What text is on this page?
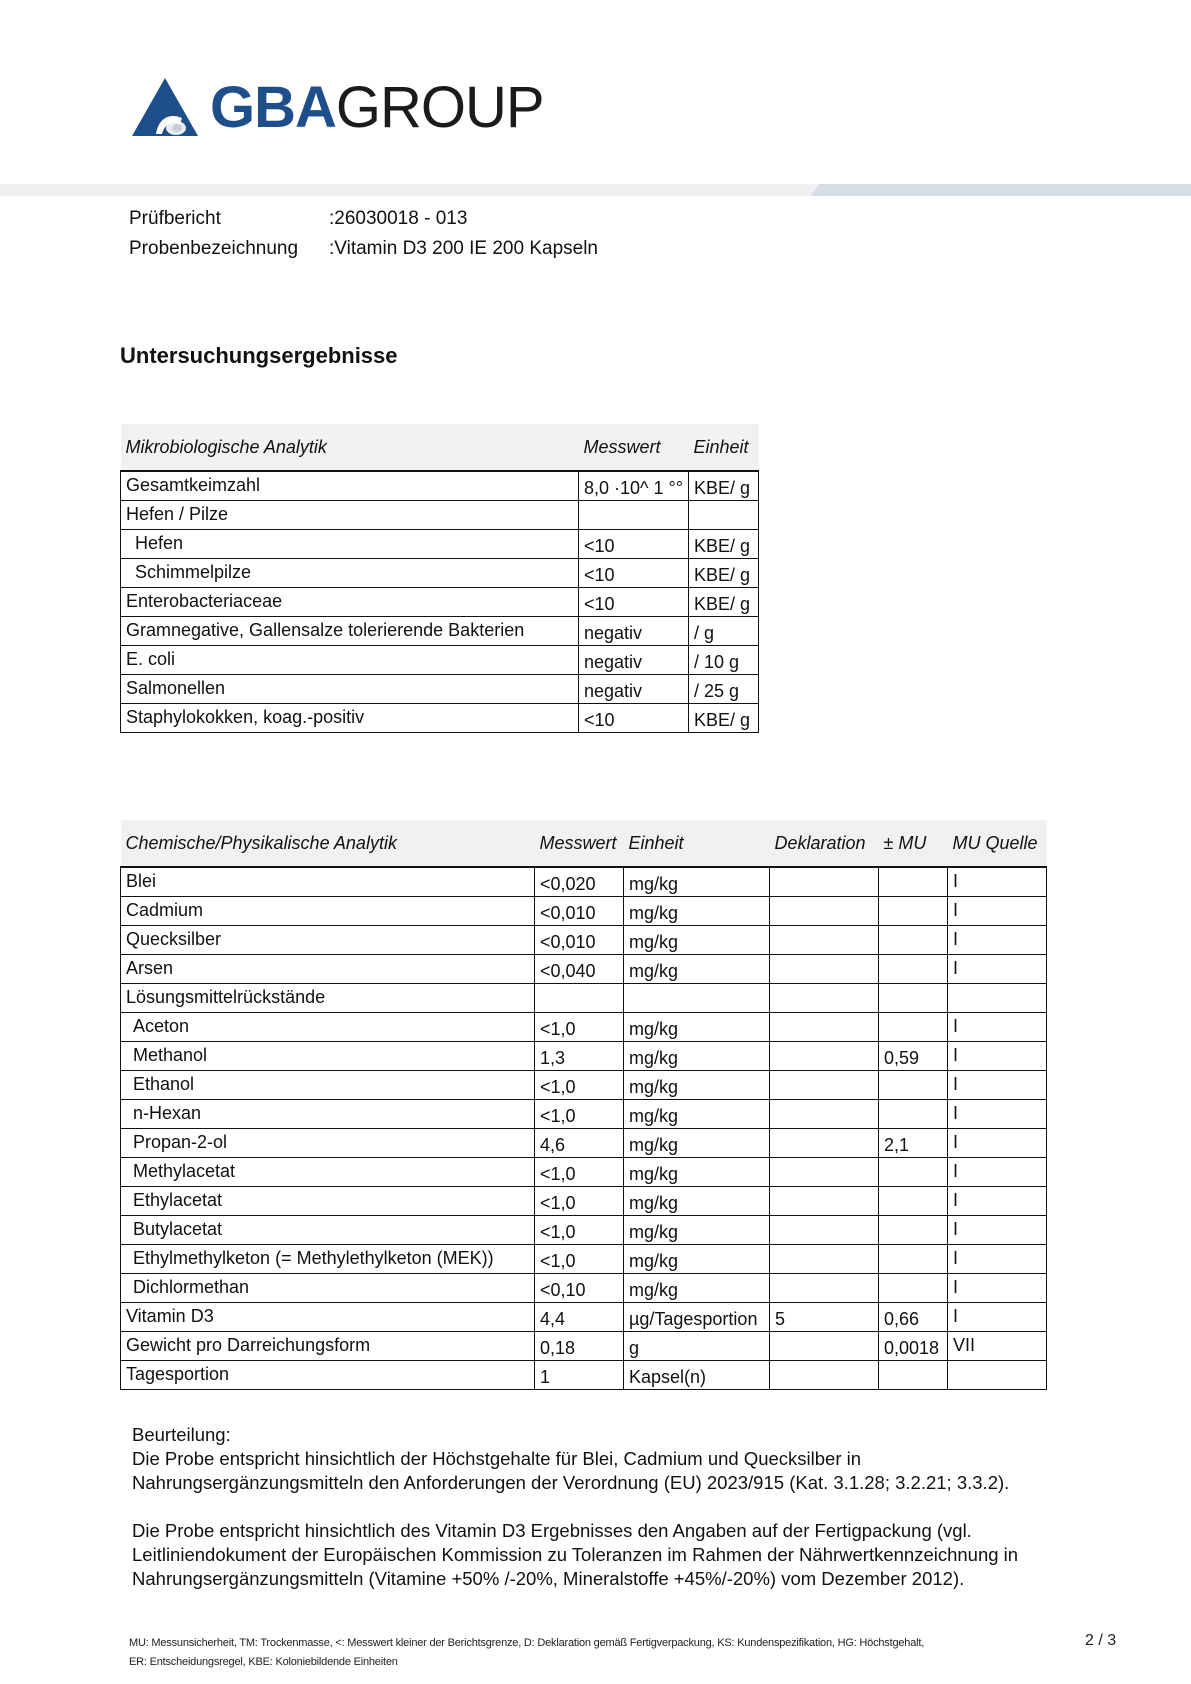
GBAGROUP
Prüfbericht	:26030018 - 013
Probenbezeichnung	:Vitamin D3 200 IE 200 Kapseln
Untersuchungsergebnisse
Mikrobiologische Analytik	Messwert	Einheit
Gesamtkeimzahl	8,0 ·10^ 1 °°	KBE/ g
Hefen / Pilze		
Hefen	<10	KBE/ g
Schimmelpilze	<10	KBE/ g
Enterobacteriaceae	<10	KBE/ g
Gramnegative, Gallensalze tolerierende Bakterien	negativ	/ g
E. coli	negativ	/ 10 g
Salmonellen	negativ	/ 25 g
Staphylokokken, koag.-positiv	<10	KBE/ g
Chemische/Physikalische Analytik	Messwert	Einheit	Deklaration	± MU	MU Quelle
Blei	<0,020	mg/kg			I
Cadmium	<0,010	mg/kg			I
Quecksilber	<0,010	mg/kg			I
Arsen	<0,040	mg/kg			I
Lösungsmittelrückstände					
Aceton	<1,0	mg/kg			I
Methanol	1,3	mg/kg		0,59	I
Ethanol	<1,0	mg/kg			I
n-Hexan	<1,0	mg/kg			I
Propan-2-ol	4,6	mg/kg		2,1	I
Methylacetat	<1,0	mg/kg			I
Ethylacetat	<1,0	mg/kg			I
Butylacetat	<1,0	mg/kg			I
Ethylmethylketon (= Methylethylketon (MEK))	<1,0	mg/kg			I
Dichlormethan	<0,10	mg/kg			I
Vitamin D3	4,4	µg/Tagesportion	5	0,66	I
Gewicht pro Darreichungsform	0,18	g		0,0018	VII
Tagesportion	1	Kapsel(n)			

Beurteilung:

Die Probe entspricht hinsichtlich der Höchstgehalte für Blei, Cadmium und Quecksilber in

Nahrungsergänzungsmitteln den Anforderungen der Verordnung (EU) 2023/915 (Kat. 3.1.28; 3.2.21; 3.3.2).

Die Probe entspricht hinsichtlich des Vitamin D3 Ergebnisses den Angaben auf der Fertigpackung (vgl.

Leitliniendokument der Europäischen Kommission zu Toleranzen im Rahmen der Nährwertkennzeichnung in

Nahrungsergänzungsmitteln (Vitamine +50% /-20%, Mineralstoffe +45%/-20%) vom Dezember 2012).

MU: Messunsicherheit, TM: Trockenmasse, <: Messwert kleiner der Berichtsgrenze, D: Deklaration gemäß Fertigverpackung, KS: Kundenspezifikation, HG: Höchstgehalt,
ER: Entscheidungsregel, KBE: Koloniebildende Einheiten
2 / 3
